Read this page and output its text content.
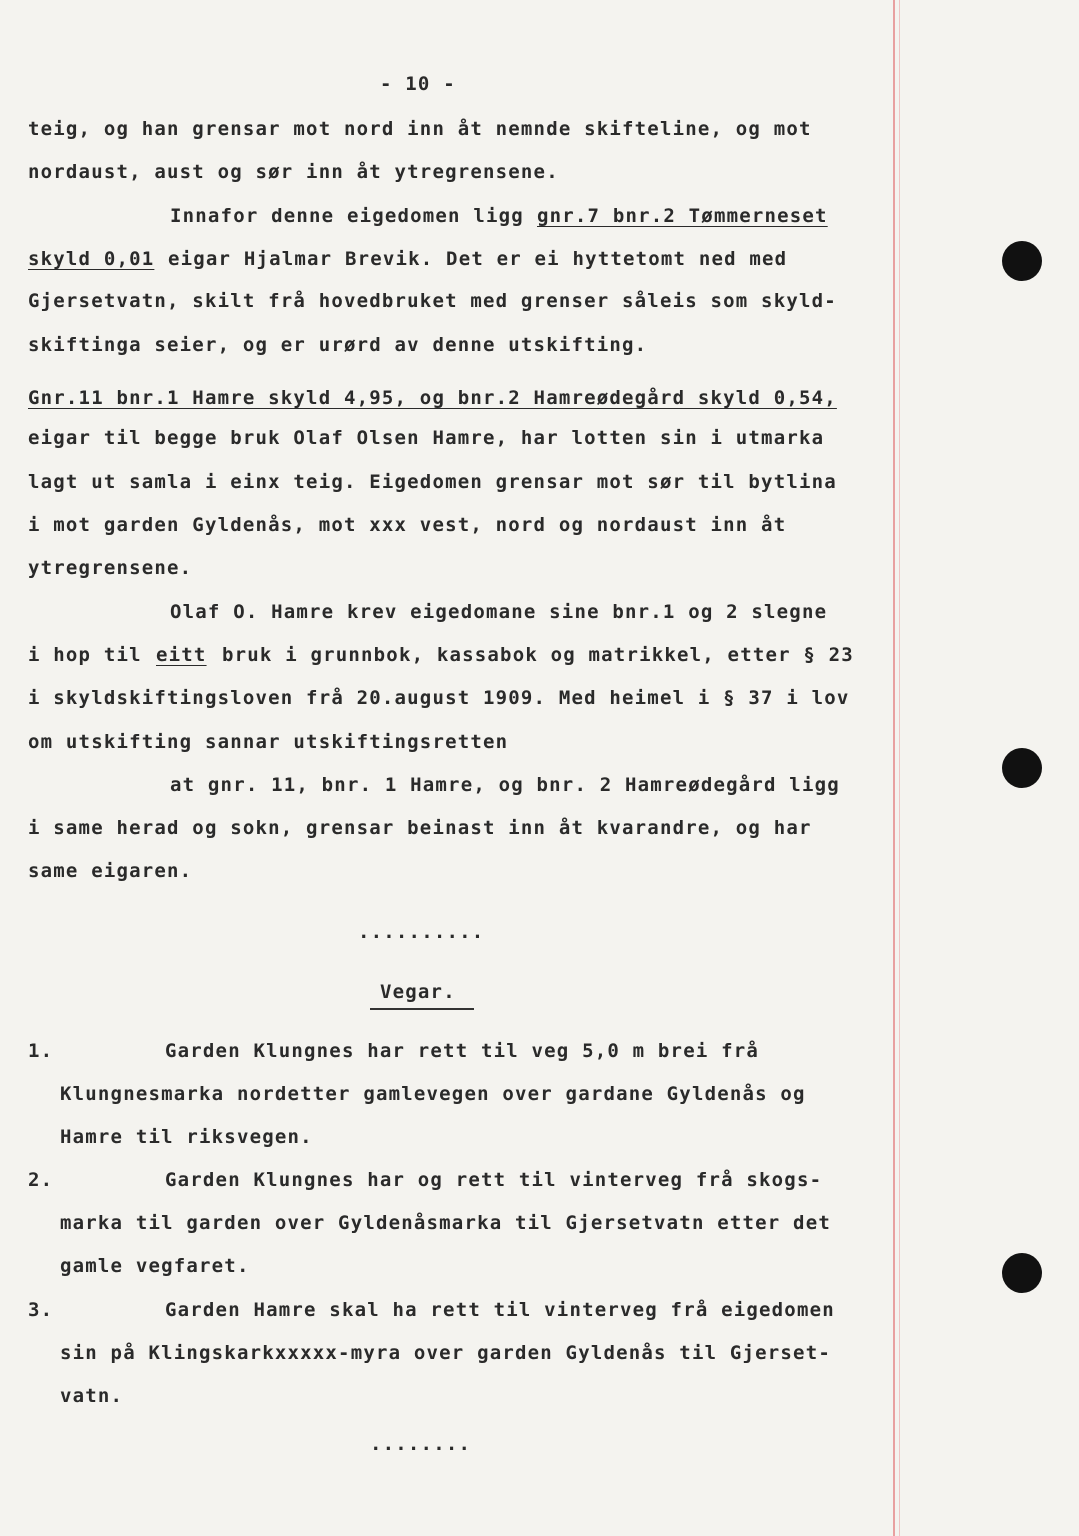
- 10 -
teig, og han grensar mot nord inn åt nemnde skifteline, og mot
nordaust, aust og sør inn åt ytregrensene.
Innafor denne eigedomen ligg gnr.7 bnr.2 Tømmerneset
skyld 0,01 eigar Hjalmar Brevik. Det er ei hyttetomt ned med
Gjersetvatn, skilt frå hovedbruket med grenser såleis som skyld-
skiftinga seier, og er urørd av denne utskifting.
Gnr.11 bnr.1 Hamre skyld 4,95, og bnr.2 Hamreødegård skyld 0,54,
eigar til begge bruk Olaf Olsen Hamre, har lotten sin i utmarka
lagt ut samla i einx teig. Eigedomen grensar mot sør til bytlina
i mot garden Gyldenås, mot xxx vest, nord og nordaust inn åt
ytregrensene.
Olaf O. Hamre krev eigedomane sine bnr.1 og 2 slegne
i hop til eitt bruk i grunnbok, kassabok og matrikkel, etter § 23
i skyldskiftingsloven frå 20.august 1909. Med heimel i § 37 i lov
om utskifting sannar utskiftingsretten
at gnr. 11, bnr. 1 Hamre, og bnr. 2 Hamreødegård ligg
i same herad og sokn, grensar beinast inn åt kvarandre, og har
same eigaren.
..........
Vegar.
1.	Garden Klungnes har rett til veg 5,0 m brei frå
Klungnesmarka nordetter gamlevegen over gardane Gyldenås og
Hamre til riksvegen.
2.	Garden Klungnes har og rett til vinterveg frå skogs-
marka til garden over Gyldenåsmarka til Gjersetvatn etter det
gamle vegfaret.
3.	Garden Hamre skal ha rett til vinterveg frå eigedomen
sin på Klingskarkxxxxx-myra over garden Gyldenås til Gjerset-
vatn.
........
